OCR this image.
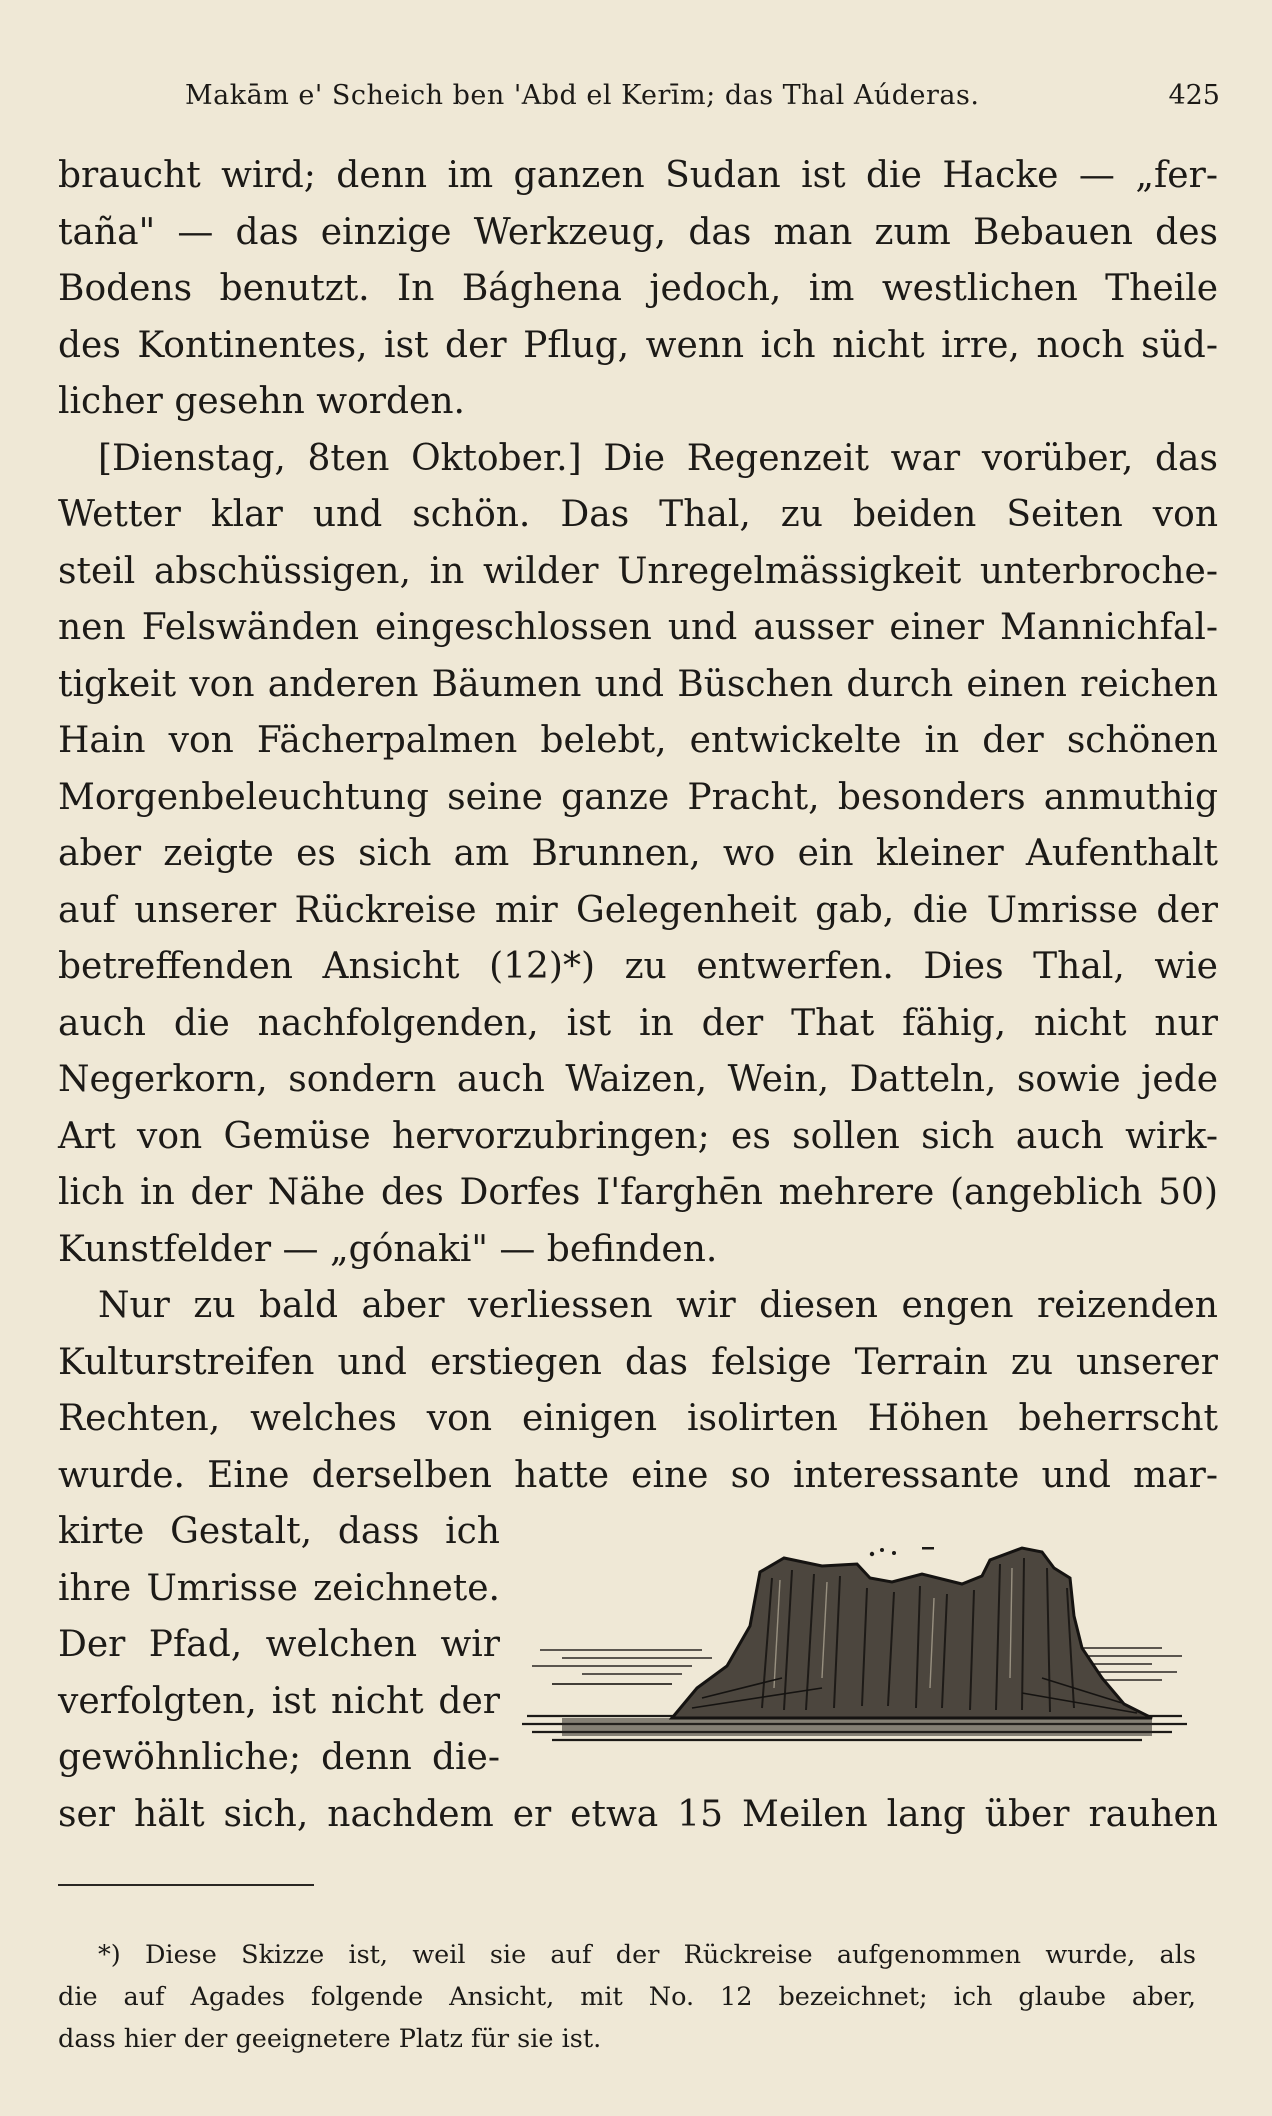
Makām e' Scheich ben 'Abd el Kerīm; das Thal Aúderas.	425
braucht wird; denn im ganzen Sudan ist die Hacke — „fer-
taña" — das einzige Werkzeug, das man zum Bebauen des
Bodens benutzt. In Bághena jedoch, im westlichen Theile
des Kontinentes, ist der Pflug, wenn ich nicht irre, noch süd-
licher gesehn worden.
[Dienstag, 8ten Oktober.] Die Regenzeit war vorüber, das
Wetter klar und schön. Das Thal, zu beiden Seiten von
steil abschüssigen, in wilder Unregelmässigkeit unterbroche-
nen Felswänden eingeschlossen und ausser einer Mannichfal-
tigkeit von anderen Bäumen und Büschen durch einen reichen
Hain von Fächerpalmen belebt, entwickelte in der schönen
Morgenbeleuchtung seine ganze Pracht, besonders anmuthig
aber zeigte es sich am Brunnen, wo ein kleiner Aufenthalt
auf unserer Rückreise mir Gelegenheit gab, die Umrisse der
betreffenden Ansicht (12)*) zu entwerfen. Dies Thal, wie
auch die nachfolgenden, ist in der That fähig, nicht nur
Negerkorn, sondern auch Waizen, Wein, Datteln, sowie jede
Art von Gemüse hervorzubringen; es sollen sich auch wirk-
lich in der Nähe des Dorfes I'farghēn mehrere (angeblich 50)
Kunstfelder — „gónaki" — befinden.
Nur zu bald aber verliessen wir diesen engen reizenden
Kulturstreifen und erstiegen das felsige Terrain zu unserer
Rechten, welches von einigen isolirten Höhen beherrscht
wurde. Eine derselben hatte eine so interessante und mar-
kirte Gestalt, dass ich
ihre Umrisse zeichnete.
Der Pfad, welchen wir
verfolgten, ist nicht der
gewöhnliche; denn die-
ser hält sich, nachdem er etwa 15 Meilen lang über rauhen
*) Diese Skizze ist, weil sie auf der Rückreise aufgenommen wurde, als
die auf Agades folgende Ansicht, mit No. 12 bezeichnet; ich glaube aber,
dass hier der geeignetere Platz für sie ist.
